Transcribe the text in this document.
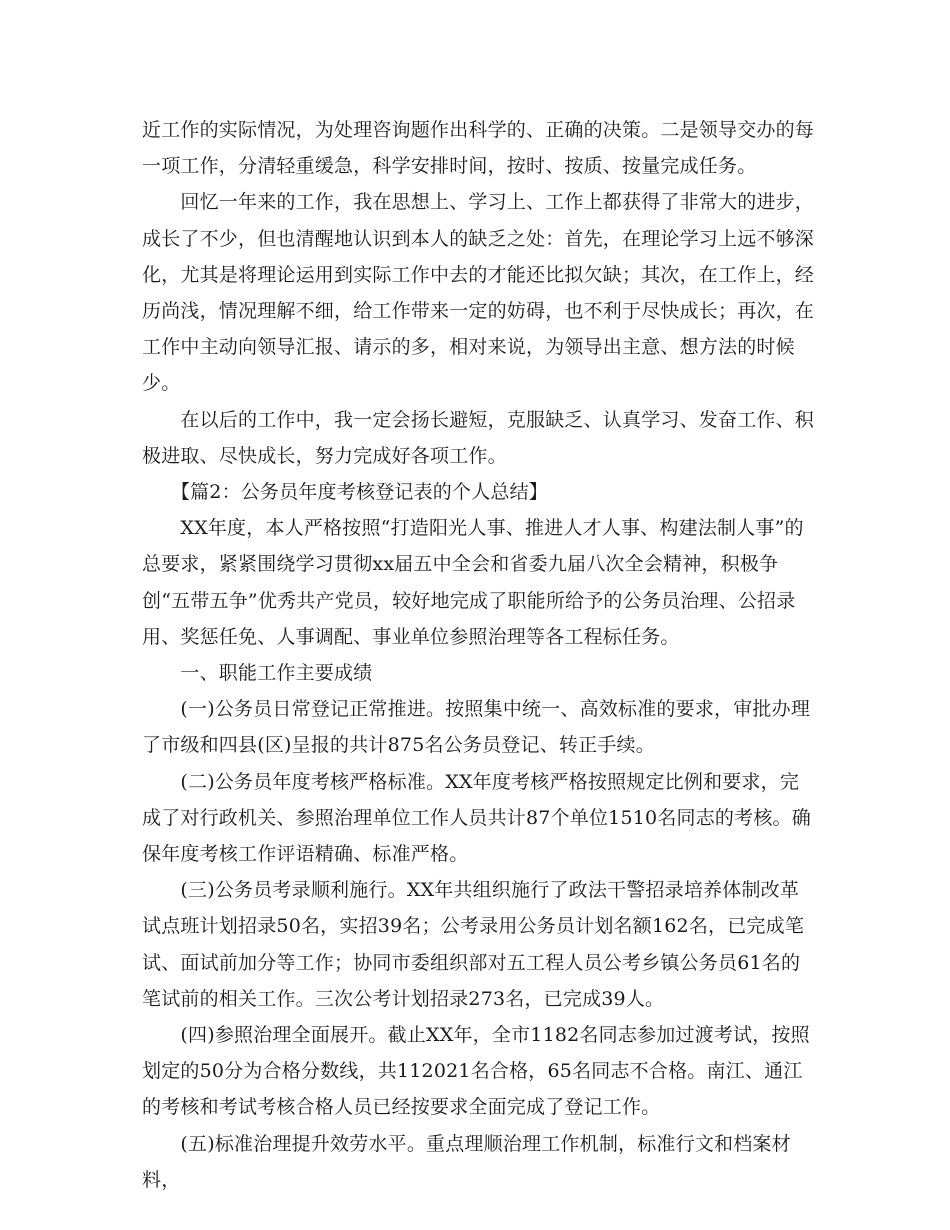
近工作的实际情况，为处理咨询题作出科学的、正确的决策。二是领导交办的每一项工作，分清轻重缓急，科学安排时间，按时、按质、按量完成任务。

　　回忆一年来的工作，我在思想上、学习上、工作上都获得了非常大的进步，成长了不少，但也清醒地认识到本人的缺乏之处：首先，在理论学习上远不够深化，尤其是将理论运用到实际工作中去的才能还比拟欠缺；其次，在工作上，经历尚浅，情况理解不细，给工作带来一定的妨碍，也不利于尽快成长；再次，在工作中主动向领导汇报、请示的多，相对来说，为领导出主意、想方法的时候少。

　　在以后的工作中，我一定会扬长避短，克服缺乏、认真学习、发奋工作、积极进取、尽快成长，努力完成好各项工作。

　　【篇2：公务员年度考核登记表的个人总结】

　　XX年度，本人严格按照“打造阳光人事、推进人才人事、构建法制人事”的总要求，紧紧围绕学习贯彻xx届五中全会和省委九届八次全会精神，积极争创“五带五争”优秀共产党员，较好地完成了职能所给予的公务员治理、公招录用、奖惩任免、人事调配、事业单位参照治理等各工程标任务。

　　一、职能工作主要成绩

　　(一)公务员日常登记正常推进。按照集中统一、高效标准的要求，审批办理了市级和四县(区)呈报的共计875名公务员登记、转正手续。

　　(二)公务员年度考核严格标准。XX年度考核严格按照规定比例和要求，完成了对行政机关、参照治理单位工作人员共计87个单位1510名同志的考核。确保年度考核工作评语精确、标准严格。

　　(三)公务员考录顺利施行。XX年共组织施行了政法干警招录培养体制改革试点班计划招录50名，实招39名；公考录用公务员计划名额162名，已完成笔试、面试前加分等工作；协同市委组织部对五工程人员公考乡镇公务员61名的笔试前的相关工作。三次公考计划招录273名，已完成39人。

　　(四)参照治理全面展开。截止XX年，全市1182名同志参加过渡考试，按照划定的50分为合格分数线，共112021名合格，65名同志不合格。南江、通江的考核和考试考核合格人员已经按要求全面完成了登记工作。

　　(五)标准治理提升效劳水平。重点理顺治理工作机制，标准行文和档案材料，
